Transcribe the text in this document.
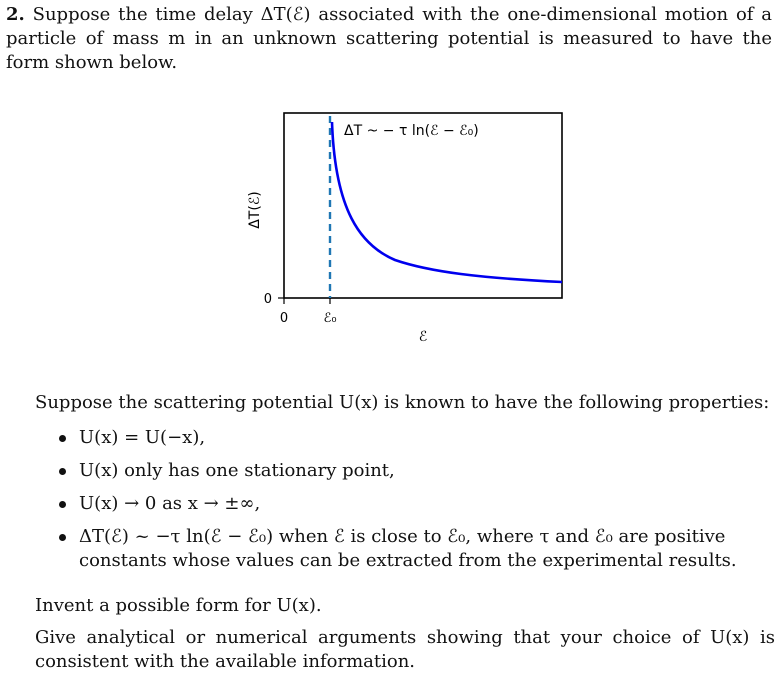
2. Suppose the time delay ΔT(ℰ) associated with the one-dimensional motion of a particle of mass m in an unknown scattering potential is measured to have the form shown below.

ΔT ~ − τ ln(ℰ − ℰ₀)
0
0	ℰ₀
ℰ
ΔT(ℰ)
Suppose the scattering potential U(x) is known to have the following properties:
U(x) = U(−x),
U(x) only has one stationary point,
U(x) → 0 as x → ±∞,
ΔT(ℰ) ~ −τ ln(ℰ − ℰ₀) when ℰ is close to ℰ₀, where τ and ℰ₀ are positive constants whose values can be extracted from the experimental results.
Invent a possible form for U(x).
Give analytical or numerical arguments showing that your choice of U(x) is consistent with the available information.
